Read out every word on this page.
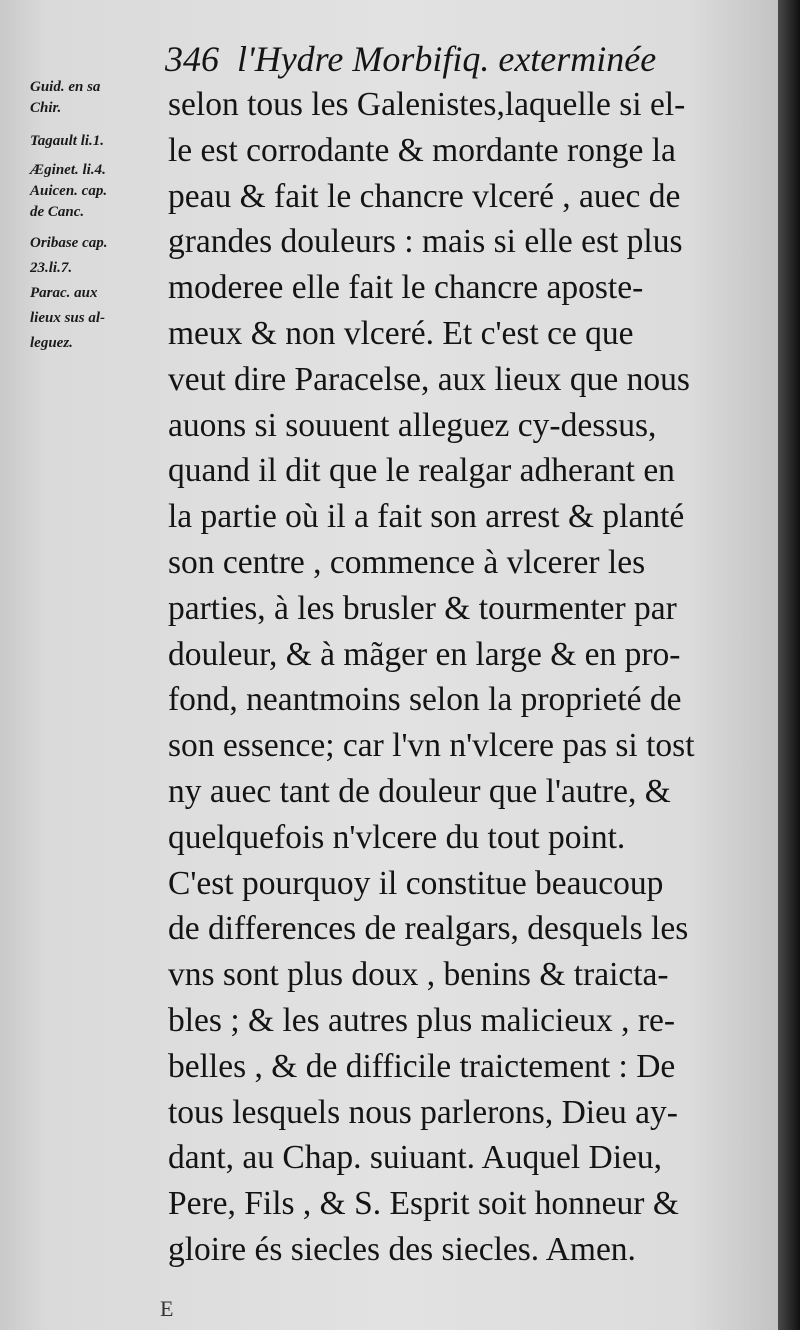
346 l'Hydre Morbifiq. exterminée
Guid. en sa
Chir.
Tagault li.1.
Æginet. li.4.
Auicen. cap.
de Canc.
Oribase cap.
23.li.7.
Parac. aux
lieux sus al-
leguez.
selon tous les Galenistes,laquelle si el-
le est corrodante & mordante ronge la
peau & fait le chancre vlceré , auec de
grandes douleurs : mais si elle est plus
moderee elle fait le chancre aposte-
meux & non vlceré. Et c'est ce que
veut dire Paracelse, aux lieux que nous
auons si souuent alleguez cy-dessus,
quand il dit que le realgar adherant en
la partie où il a fait son arrest & planté
son centre , commence à vlcerer les
parties, à les brusler & tourmenter par
douleur, & à mãger en large & en pro-
fond, neantmoins selon la proprieté de
son essence; car l'vn n'vlcere pas si tost
ny auec tant de douleur que l'autre, &
quelquefois n'vlcere du tout point.
C'est pourquoy il constitue beaucoup
de differences de realgars, desquels les
vns sont plus doux , benins & traicta-
bles ; & les autres plus malicieux , re-
belles , & de difficile traictement : De
tous lesquels nous parlerons, Dieu ay-
dant, au Chap. suiuant. Auquel Dieu,
Pere, Fils , & S. Esprit soit honneur &
gloire és siecles des siecles. Amen.
E
